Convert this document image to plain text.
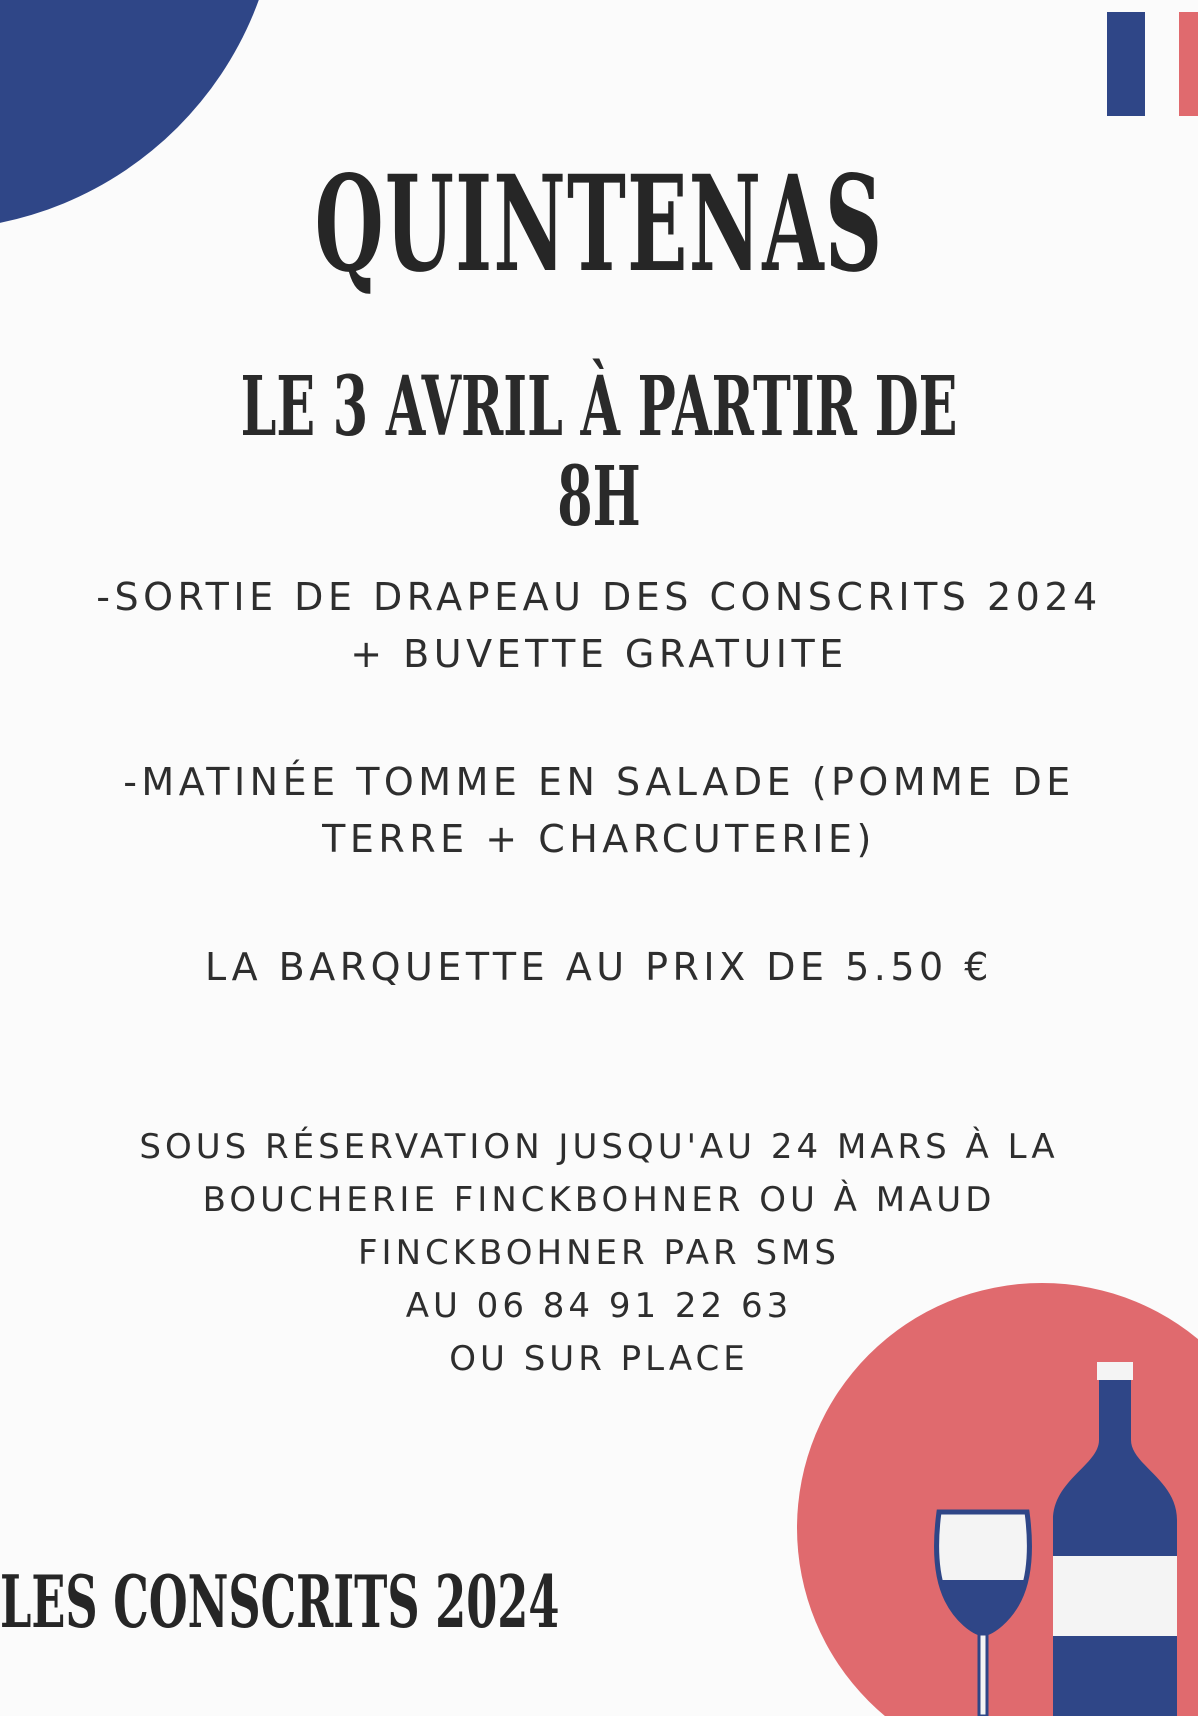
QUINTENAS
LE 3 AVRIL À PARTIR DE 8H

-SORTIE DE DRAPEAU DES CONSCRITS 2024

+ BUVETTE GRATUITE

-MATINÉE TOMME EN SALADE (POMME DE

TERRE + CHARCUTERIE)

LA BARQUETTE AU PRIX DE 5.50 €

SOUS RÉSERVATION JUSQU'AU 24 MARS À LA

BOUCHERIE FINCKBOHNER OU À MAUD

FINCKBOHNER PAR SMS

AU 06 84 91 22 63

OU SUR PLACE

LES CONSCRITS 2024
